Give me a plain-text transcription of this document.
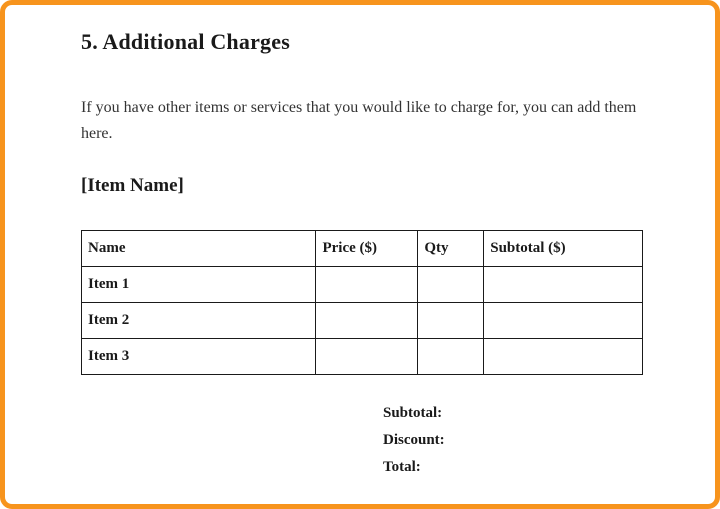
5. Additional Charges

If you have other items or services that you would like to charge for, you can add them here.

[Item Name]
Name	Price ($)	Qty	Subtotal ($)
Item 1			
Item 2			
Item 3			
Subtotal:
Discount:
Total:
